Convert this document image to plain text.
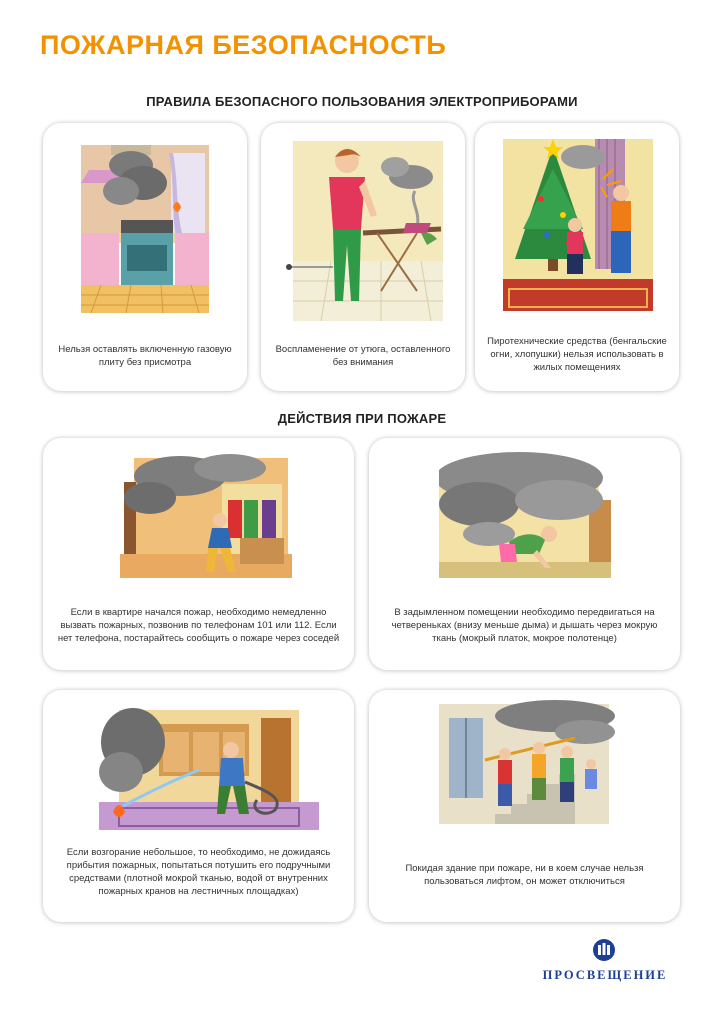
ПОЖАРНАЯ БЕЗОПАСНОСТЬ
ПРАВИЛА БЕЗОПАСНОГО ПОЛЬЗОВАНИЯ ЭЛЕКТРОПРИБОРАМИ
Нельзя оставлять включенную газовую плиту без присмотра
Воспламенение от утюга, оставленного без внимания
Пиротехнические средства (бенгальские огни, хлопушки) нельзя использовать в жилых помещениях
ДЕЙСТВИЯ ПРИ ПОЖАРЕ
Если в квартире начался пожар, необходимо немедленно вызвать пожарных, позвонив по телефонам 101 или 112. Если нет телефона, постарайтесь сообщить о пожаре через соседей
В задымленном помещении необходимо передвигаться на четвереньках (внизу меньше дыма) и дышать через мокрую ткань (мокрый платок, мокрое полотенце)
Если возгорание небольшое, то необходимо, не дожидаясь прибытия пожарных, попытаться потушить его подручными средствами (плотной мокрой тканью, водой от внутренних пожарных кранов на лестничных площадках)
Покидая здание при пожаре, ни в коем случае нельзя пользоваться лифтом, он может отключиться
ПРОСВЕЩЕНИЕ
